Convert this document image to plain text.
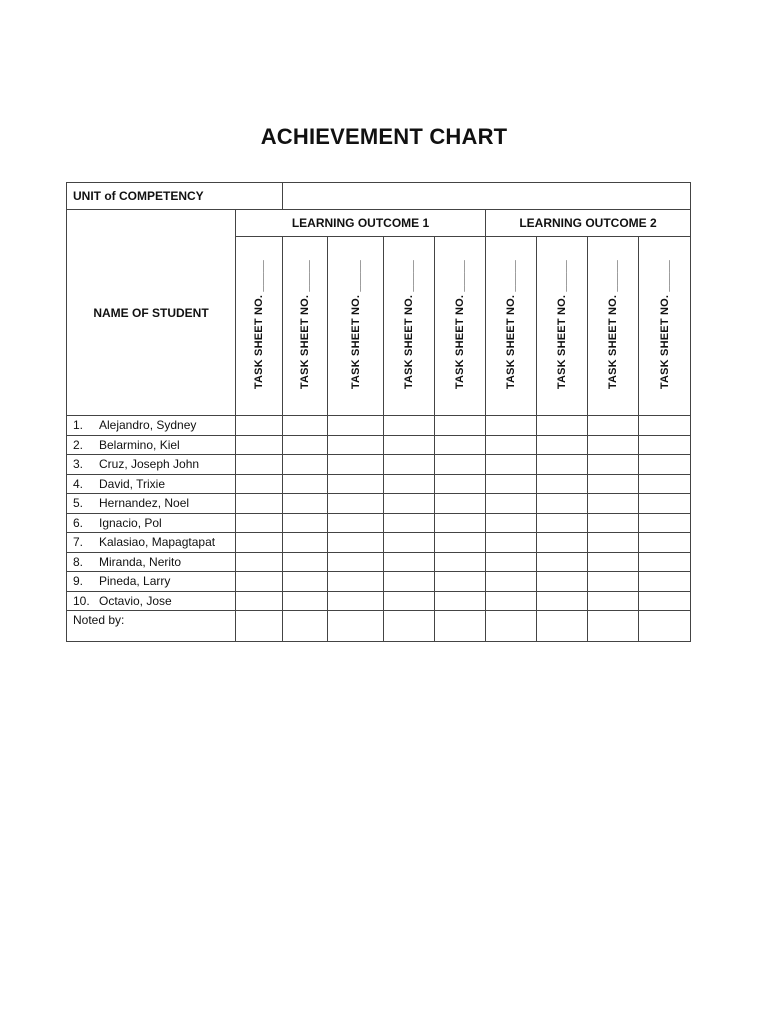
ACHIEVEMENT CHART
UNIT of COMPETENCY									
NAME OF STUDENT	LEARNING OUTCOME 1					LEARNING OUTCOME 2			
	TASK SHEET NO. _____	TASK SHEET NO. _____	TASK SHEET NO. _____	TASK SHEET NO. _____	TASK SHEET NO. _____	TASK SHEET NO. _____	TASK SHEET NO. _____	TASK SHEET NO. _____	TASK SHEET NO. _____
1. Alejandro, Sydney									
2. Belarmino, Kiel									
3. Cruz, Joseph John									
4. David, Trixie									
5. Hernandez, Noel									
6. Ignacio, Pol									
7. Kalasiao, Mapagtapat									
8. Miranda, Nerito									
9. Pineda, Larry									
10. Octavio, Jose									
Noted by:									
